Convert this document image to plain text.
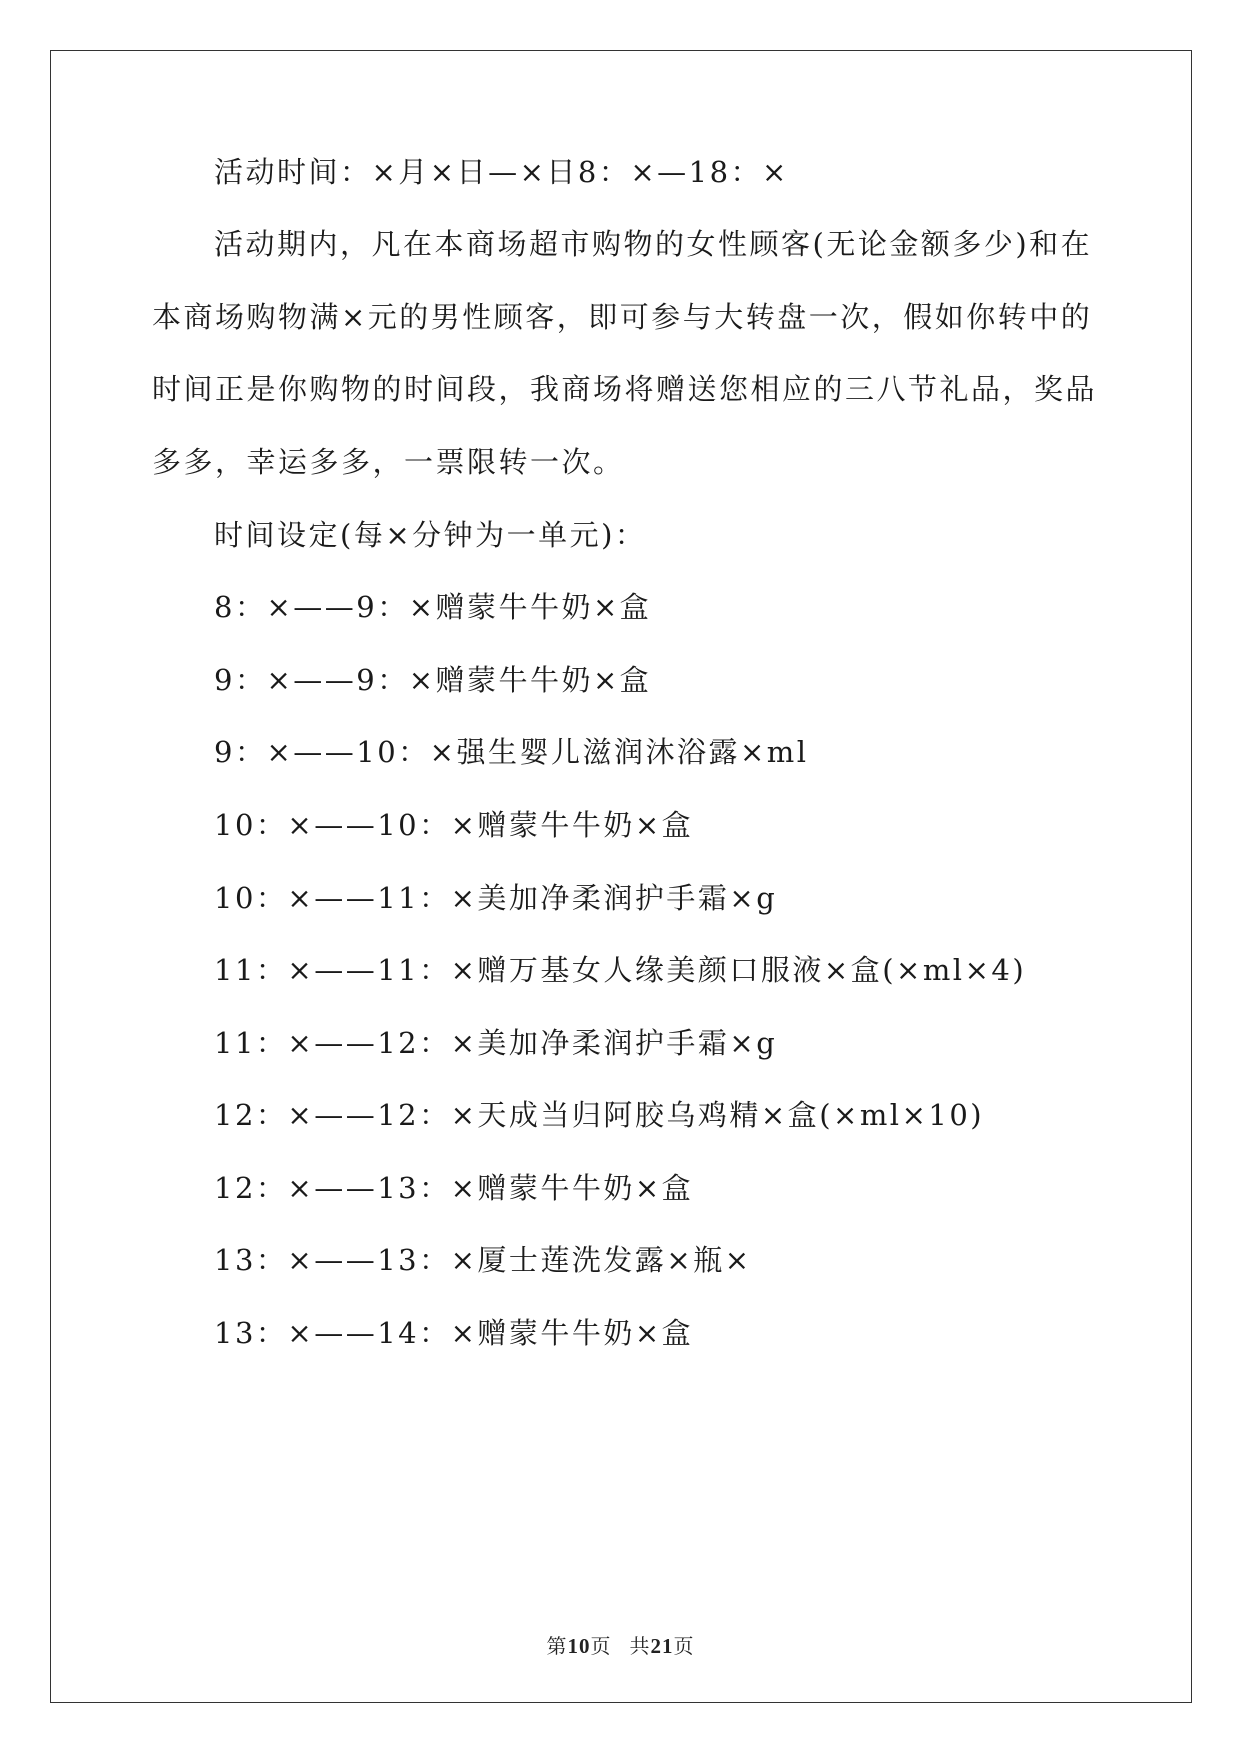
活动时间：×月×日—×日8：×—18：×
活动期内，凡在本商场超市购物的女性顾客(无论金额多少)和在
本商场购物满×元的男性顾客，即可参与大转盘一次，假如你转中的
时间正是你购物的时间段，我商场将赠送您相应的三八节礼品，奖品
多多，幸运多多，一票限转一次。
时间设定(每×分钟为一单元)：
8：×——9：×赠蒙牛牛奶×盒
9：×——9：×赠蒙牛牛奶×盒
9：×——10：×强生婴儿滋润沐浴露×ml
10：×——10：×赠蒙牛牛奶×盒
10：×——11：×美加净柔润护手霜×g
11：×——11：×赠万基女人缘美颜口服液×盒(×ml×4)
11：×——12：×美加净柔润护手霜×g
12：×——12：×天成当归阿胶乌鸡精×盒(×ml×10)
12：×——13：×赠蒙牛牛奶×盒
13：×——13：×厦士莲洗发露×瓶×
13：×——14：×赠蒙牛牛奶×盒
第10页 共21页
